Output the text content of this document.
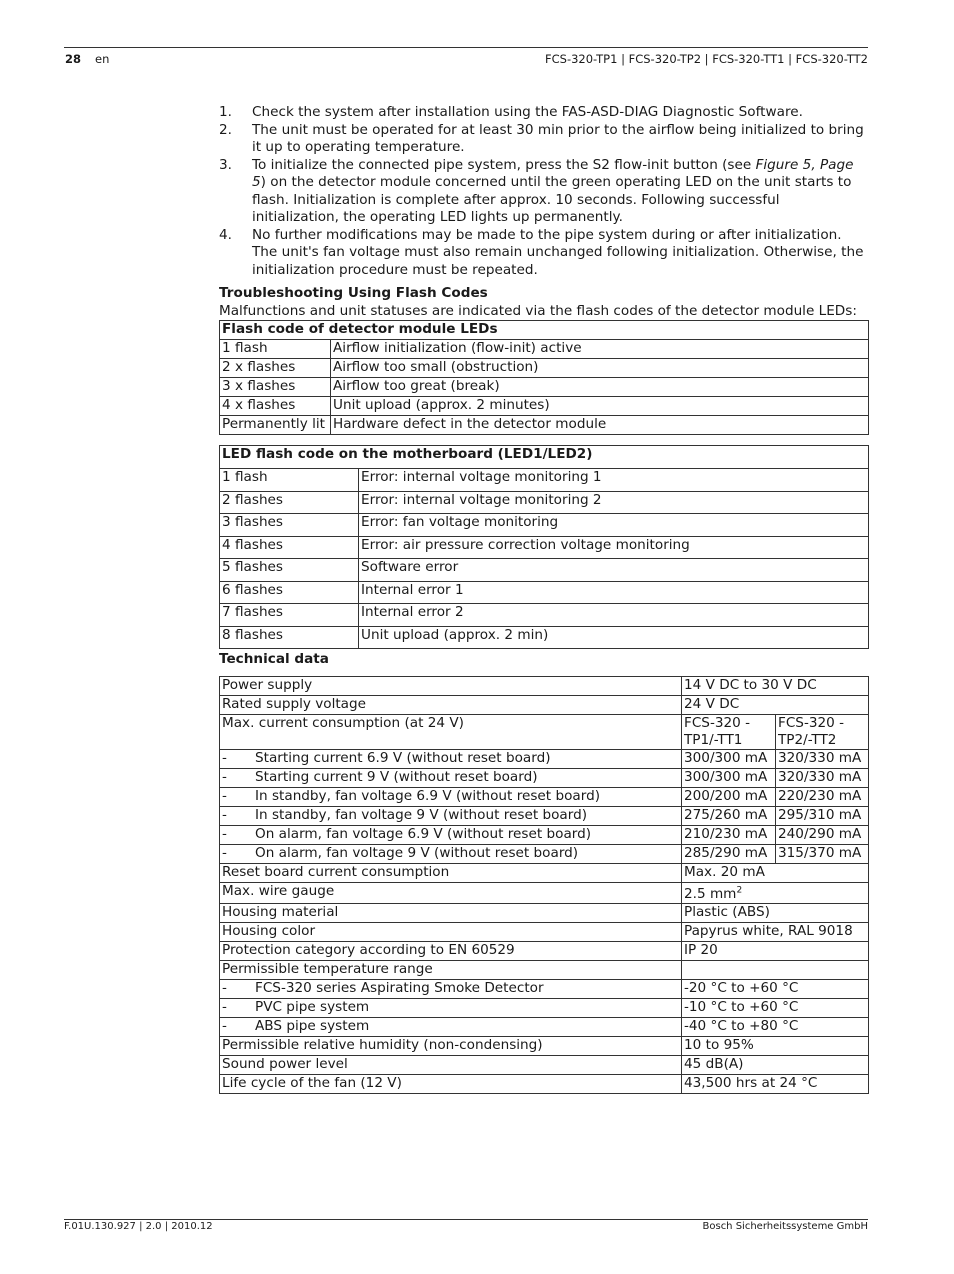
28 en	FCS-320-TP1 | FCS-320-TP2 | FCS-320-TT1 | FCS-320-TT2
1. Check the system after installation using the FAS-ASD-DIAG Diagnostic Software.
2. The unit must be operated for at least 30 min prior to the airflow being initialized to bring it up to operating temperature.
3. To initialize the connected pipe system, press the S2 flow-init button (see Figure 5, Page 5) on the detector module concerned until the green operating LED on the unit starts to flash. Initialization is complete after approx. 10 seconds. Following successful initialization, the operating LED lights up permanently.
4. No further modifications may be made to the pipe system during or after initialization. The unit's fan voltage must also remain unchanged following initialization. Otherwise, the initialization procedure must be repeated.
Troubleshooting Using Flash Codes
Malfunctions and unit statuses are indicated via the flash codes of the detector module LEDs:
Flash code of detector module LEDs	
1 flash	Airflow initialization (flow-init) active
2 x flashes	Airflow too small (obstruction)
3 x flashes	Airflow too great (break)
4 x flashes	Unit upload (approx. 2 minutes)
Permanently lit	Hardware defect in the detector module
LED flash code on the motherboard (LED1/LED2)	
1 flash	Error: internal voltage monitoring 1
2 flashes	Error: internal voltage monitoring 2
3 flashes	Error: fan voltage monitoring
4 flashes	Error: air pressure correction voltage monitoring
5 flashes	Software error
6 flashes	Internal error 1
7 flashes	Internal error 2
8 flashes	Unit upload (approx. 2 min)
Technical data
Power supply	14 V DC to 30 V DC	
Rated supply voltage	24 V DC	
Max. current consumption (at 24 V)	FCS-320 -TP1/-TT1	FCS-320 -TP2/-TT2
- Starting current 6.9 V (without reset board)	300/300 mA	320/330 mA
- Starting current 9 V (without reset board)	300/300 mA	320/330 mA
- In standby, fan voltage 6.9 V (without reset board)	200/200 mA	220/230 mA
- In standby, fan voltage 9 V (without reset board)	275/260 mA	295/310 mA
- On alarm, fan voltage 6.9 V (without reset board)	210/230 mA	240/290 mA
- On alarm, fan voltage 9 V (without reset board)	285/290 mA	315/370 mA
Reset board current consumption	Max. 20 mA	
Max. wire gauge	2.5 $mm^2$
Housing material	Plastic (ABS)	
Housing color	Papyrus white, RAL 9018	
Protection category according to EN 60529	IP 20	
Permissible temperature range		
- FCS-320 series Aspirating Smoke Detector	-20 °C to +60 °C	
- PVC pipe system	-10 °C to +60 °C	
- ABS pipe system	-40 °C to +80 °C	
Permissible relative humidity (non-condensing)	10 to 95%	
Sound power level	45 dB(A)	
Life cycle of the fan (12 V)	43,500 hrs at 24 °C	
F.01U.130.927 | 2.0 | 2010.12	Bosch Sicherheitssysteme GmbH
